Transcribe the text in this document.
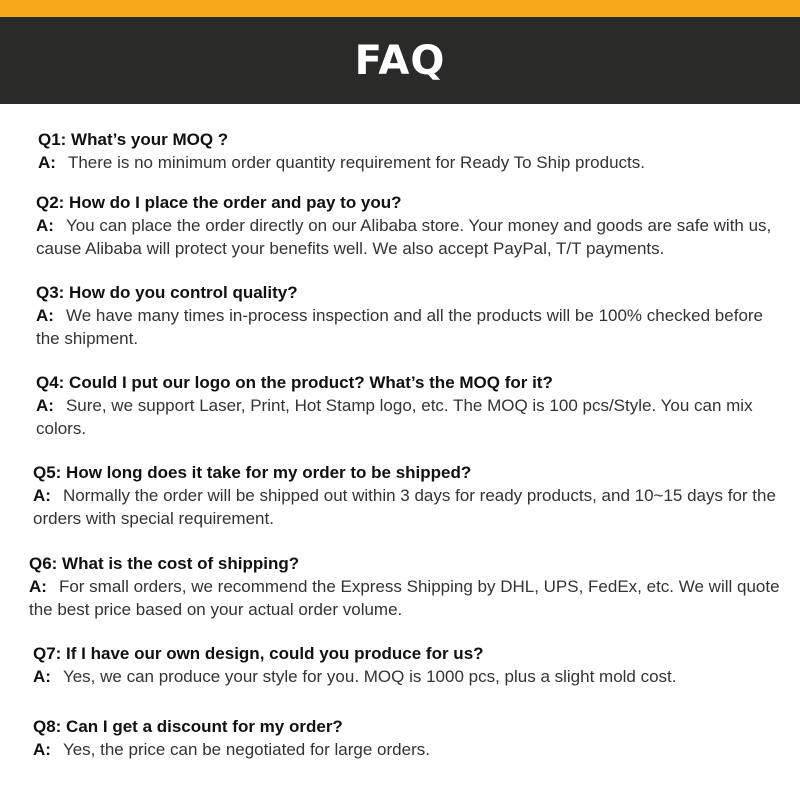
FAQ
Q1: What’s your MOQ ?
A: There is no minimum order quantity requirement for Ready To Ship products.
Q2: How do I place the order and pay to you?
A: You can place the order directly on our Alibaba store. Your money and goods are safe with us, cause Alibaba will protect your benefits well. We also accept PayPal, T/T payments.
Q3: How do you control quality?
A: We have many times in-process inspection and all the products will be 100% checked before the shipment.
Q4: Could I put our logo on the product? What’s the MOQ for it?
A: Sure, we support Laser, Print, Hot Stamp logo, etc. The MOQ is 100 pcs/Style. You can mix colors.
Q5: How long does it take for my order to be shipped?
A: Normally the order will be shipped out within 3 days for ready products, and 10~15 days for the orders with special requirement.
Q6: What is the cost of shipping?
A: For small orders, we recommend the Express Shipping by DHL, UPS, FedEx, etc. We will quote the best price based on your actual order volume.
Q7: If I have our own design, could you produce for us?
A: Yes, we can produce your style for you. MOQ is 1000 pcs, plus a slight mold cost.
Q8: Can I get a discount for my order?
A: Yes, the price can be negotiated for large orders.
